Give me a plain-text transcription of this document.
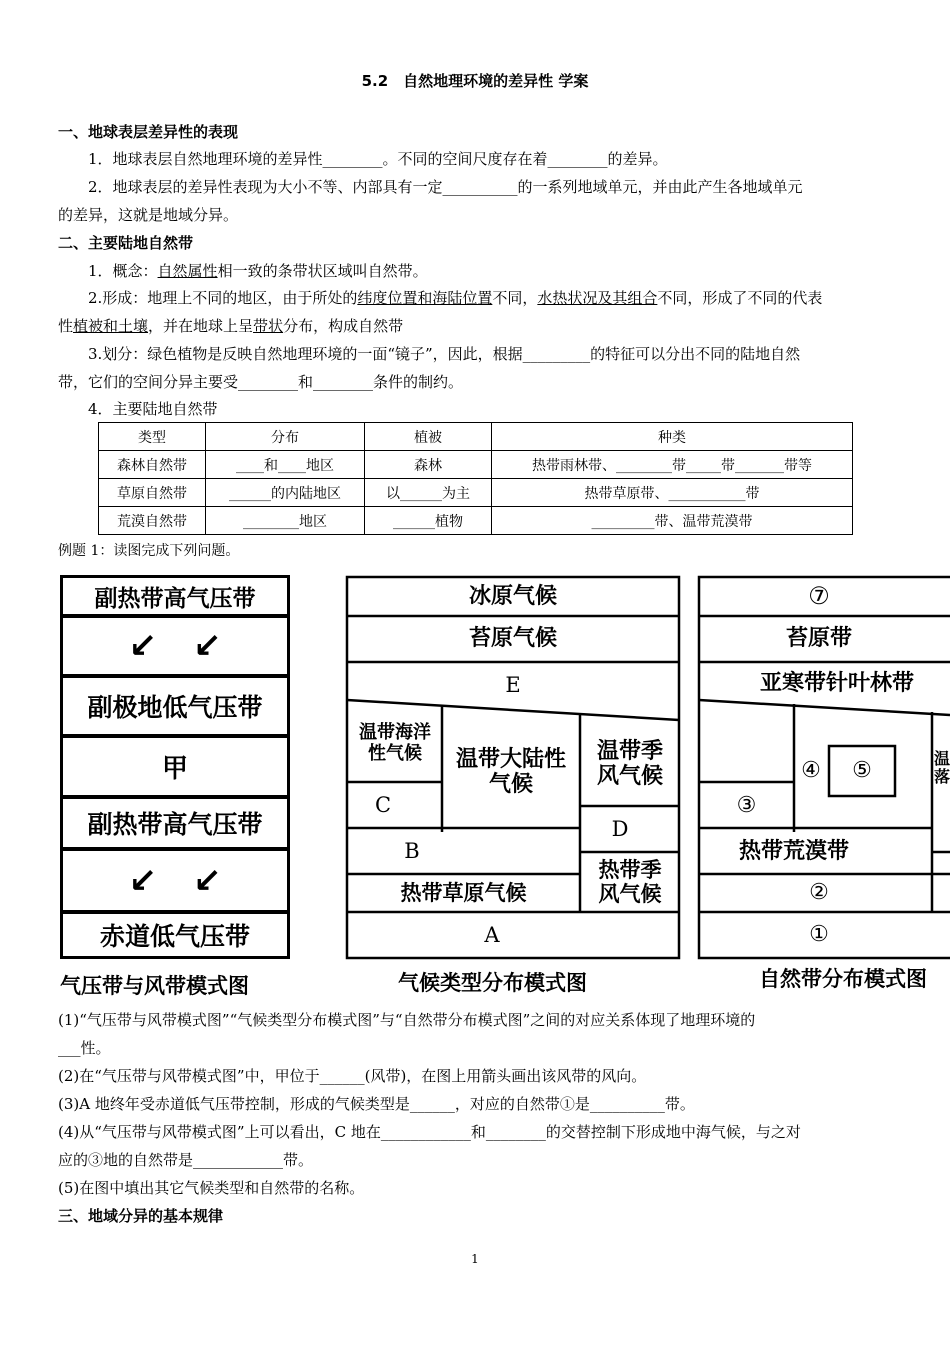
5.2　自然地理环境的差异性 学案
一、地球表层差异性的表现
1．地球表层自然地理环境的差异性________。不同的空间尺度存在着________的差异。
2．地球表层的差异性表现为大小不等、内部具有一定__________的一系列地域单元，并由此产生各地域单元
的差异，这就是地域分异。
二、主要陆地自然带
1．概念：自然属性相一致的条带状区域叫自然带。
2.形成：地理上不同的地区，由于所处的纬度位置和海陆位置不同，水热状况及其组合不同，形成了不同的代表
性植被和土壤，并在地球上呈带状分布，构成自然带
3.划分：绿色植物是反映自然地理环境的一面“镜子”，因此，根据_________的特征可以分出不同的陆地自然
带，它们的空间分异主要受________和________条件的制约。
4．主要陆地自然带
类型	分布	植被	种类
森林自然带	____和____地区	森林	热带雨林带、________带_____带_______带等
草原自然带	______的内陆地区	以______为主	热带草原带、___________带
荒漠自然带	________地区	______植物	_________带、温带荒漠带
例题 1：读图完成下列问题。
副热带高气压带
↙ ↙
副极地低气压带
甲
副热带高气压带
↙ ↙
赤道低气压带
气压带与风带模式图
冰原气候
苔原气候
E
温带海洋性气候	温带大陆性气候
温带季风气候
C
D
B
热带草原气候
热带季风气候
A
气候类型分布模式图
⑦
苔原带
亚寒带针叶林带
④	⑤	温落
③
热带荒漠带
②
①
自然带分布模式图
(1)“气压带与风带模式图”“气候类型分布模式图”与“自然带分布模式图”之间的对应关系体现了地理环境的
___性。
(2)在“气压带与风带模式图”中，甲位于______(风带)，在图上用箭头画出该风带的风向。
(3)A 地终年受赤道低气压带控制，形成的气候类型是______，对应的自然带①是__________带。
(4)从“气压带与风带模式图”上可以看出，C 地在____________和________的交替控制下形成地中海气候，与之对
应的③地的自然带是____________带。
(5)在图中填出其它气候类型和自然带的名称。
三、地域分异的基本规律
1
